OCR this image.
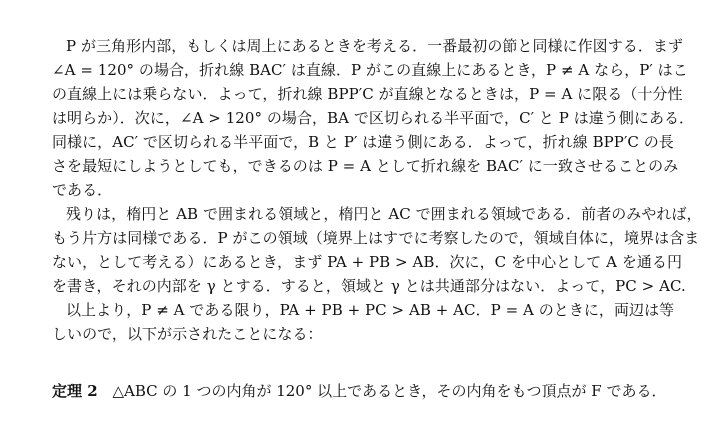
P が三角形内部，もしくは周上にあるときを考える．一番最初の節と同様に作図する．まず
∠A = 120° の場合，折れ線 BAC′ は直線．P がこの直線上にあるとき，P ≠ A なら，P′ はこ
の直線上には乗らない．よって，折れ線 BPP′C が直線となるときは，P = A に限る（十分性
は明らか）．次に，∠A > 120° の場合，BA で区切られる半平面で，C′ と P は違う側にある．
同様に，AC′ で区切られる半平面で，B と P′ は違う側にある．よって，折れ線 BPP′C の長
さを最短にしようとしても，できるのは P = A として折れ線を BAC′ に一致させることのみ
である．
残りは，楕円と AB で囲まれる領域と，楕円と AC で囲まれる領域である．前者のみやれば，
もう片方は同様である．P がこの領域（境界上はすでに考察したので，領域自体に，境界は含ま
ない，として考える）にあるとき，まず PA + PB > AB．次に，C を中心として A を通る円
を書き，それの内部を γ とする．すると，領域と γ とは共通部分はない．よって，PC > AC.
以上より，P ≠ A である限り，PA + PB + PC > AB + AC．P = A のときに，両辺は等
しいので，以下が示されたことになる：
定理 2 △ABC の 1 つの内角が 120° 以上であるとき，その内角をもつ頂点が F である．
